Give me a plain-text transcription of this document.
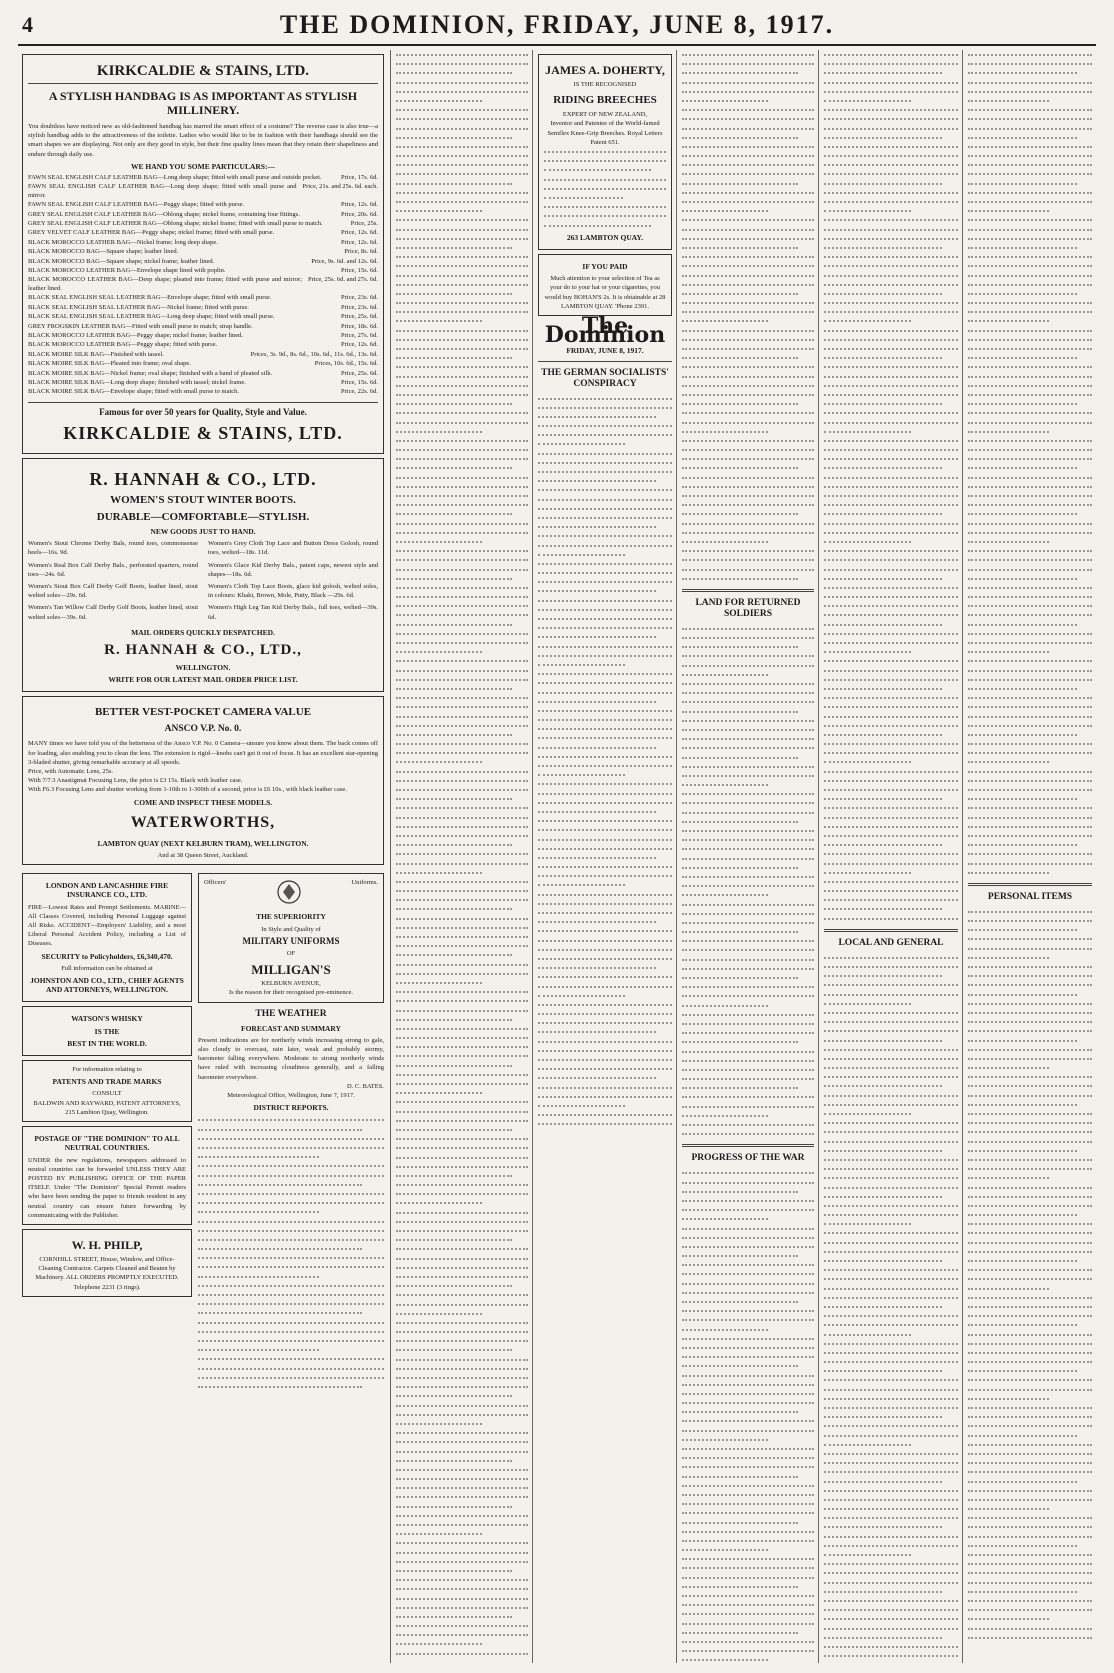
4	THE DOMINION, FRIDAY, JUNE 8, 1917.
KIRKCALDIE & STAINS, LTD.
A STYLISH HANDBAG IS AS IMPORTANT AS STYLISH MILLINERY.
You doubtless have noticed new as old-fashioned handbag has marred the smart effect of a costume? The reverse case is also true—a stylish handbag adds to the attractiveness of the toilette. Ladies who would like to be in fashion with their handbags should see the smart shapes we are displaying. Not only are they good in style, but their fine quality lines mean that they retain their shapeliness and endure through daily use.
WE HAND YOU SOME PARTICULARS:—
FAWN SEAL ENGLISH CALF LEATHER BAG—Long deep shape; fitted with small purse and outside pocket.	Price, 17s. 6d.
FAWN SEAL ENGLISH CALF LEATHER BAG—Long deep shape; fitted with small purse and mirror.
Price, 21s. and 25s. 6d. each.
FAWN SEAL ENGLISH CALF LEATHER BAG—Peggy shape; fitted with purse.	Price, 12s. 6d.
GREY SEAL ENGLISH CALF LEATHER BAG—Oblong shape; nickel frame, containing four fittings.	Price, 20s. 6d.
GREY SEAL ENGLISH CALF LEATHER BAG—Oblong shape; nickel frame; fitted with small purse to match.	Price, 25s.
GREY VELVET CALF LEATHER BAG—Peggy shape; nickel frame; fitted with small purse.	Price, 12s. 6d.
BLACK MOROCCO LEATHER BAG—Nickel frame; long deep shape.	Price, 12s. 6d.
BLACK MOROCCO BAG—Square shape; leather lined.	Price, 8s. 6d.
BLACK MOROCCO BAG—Square shape; nickel frame; leather lined.	Price, 9s. 6d. and 12s. 6d.
BLACK MOROCCO LEATHER BAG—Envelope shape lined with poplin.	Price, 15s. 6d.
BLACK MOROCCO LEATHER BAG—Deep shape; pleated into frame; fitted with purse and mirror; leather lined.
Price, 25s. 6d. and 27s. 6d.
BLACK SEAL ENGLISH SEAL LEATHER BAG—Envelope shape; fitted with small purse.	Price, 23s. 6d.
BLACK SEAL ENGLISH SEAL LEATHER BAG—Nickel frame; fitted with purse.	Price, 23s. 6d.
BLACK SEAL ENGLISH SEAL LEATHER BAG—Long deep shape; fitted with small purse.	Price, 25s. 6d.
GREY FROGSKIN LEATHER BAG—Fitted with small purse to match; strap handle.	Price, 18s. 6d.
BLACK MOROCCO LEATHER BAG—Peggy shape; nickel frame; leather lined.	Price, 27s. 6d.
BLACK MOROCCO LEATHER BAG—Peggy shape; fitted with purse.	Price, 12s. 6d.
BLACK MOIRE SILK BAG—Finished with tassel.	Prices, 3s. 9d., 8s. 6d., 10s. 6d., 11s. 6d., 13s. 6d.
BLACK MOIRE SILK BAG—Pleated into frame; oval shape.	Prices, 10s. 6d., 15s. 6d.
BLACK MOIRE SILK BAG—Nickel frame; oval shape; finished with a band of pleated silk.	Price, 25s. 6d.
BLACK MOIRE SILK BAG—Long deep shape; finished with tassel; nickel frame.	Price, 15s. 6d.
BLACK MOIRE SILK BAG—Envelope shape; fitted with small purse to match.	Price, 22s. 6d.
Famous for over 50 years for Quality, Style and Value.
KIRKCALDIE & STAINS, LTD.
R. HANNAH & CO., LTD.
WOMEN'S STOUT WINTER BOOTS.
DURABLE—COMFORTABLE—STYLISH.
NEW GOODS JUST TO HAND.
Women's Stout Chrome Derby Bals, round toes, commonsense heels—16s. 9d.
Women's Real Box Calf Derby Bals., perforated quarters, round toes—24s. 6d.
Women's Stout Box Calf Derby Golf Boots, leather lined, stout welted soles—29s. 6d.
Women's Tan Willow Calf Derby Golf Boots, leather lined, stout welted soles—39s. 6d.
Women's Grey Cloth Top Lace and Button Dress Golosh, round toes, welted—18s. 11d.
Women's Glace Kid Derby Bals., patent caps, newest style and shapes—18s. 6d.
Women's Cloth Top Lace Boots, glace kid golosh, welted soles, in colours: Khaki, Brown, Mole, Putty, Black —29s. 6d.
Women's High Leg Tan Kid Derby Bals., full toes, welted—39s. 6d.
MAIL ORDERS QUICKLY DESPATCHED.
R. HANNAH & CO., LTD.,
WELLINGTON.
WRITE FOR OUR LATEST MAIL ORDER PRICE LIST.
BETTER VEST-POCKET CAMERA VALUE
ANSCO V.P. No. 0.
MANY times we have told you of the betterness of the Ansco V.P. No. 0 Camera—unsure you know about them. The back comes off for loading, also enabling you to clean the lens. The extension is rigid—knobs can't get it out of focus. It has an excellent star-opening 3-bladed shutter, giving remarkable accuracy at all speeds.
Price, with Automatic Lens, 25s.
With 7/7.3 Anastigmat Focusing Lens, the price is £3 15s. Black with leather case.
With F6.3 Focusing Lens and shutter working from 1-10th to 1-300th of a second, price is £6 10s., with black leather case.
COME AND INSPECT THESE MODELS.
WATERWORTHS,
LAMBTON QUAY (NEXT KELBURN TRAM), WELLINGTON.
And at 38 Queen Street, Auckland.
LONDON AND LANCASHIRE FIRE INSURANCE CO., LTD.
FIRE—Lowest Rates and Prompt Settlements. MARINE—All Classes Covered, including Personal Luggage against All Risks. ACCIDENT—Employers' Liability, and a most Liberal Personal Accident Policy, including a List of Diseases.
SECURITY to Policyholders, £6,340,470.
Full information can be obtained at
JOHNSTON AND CO., LTD., CHIEF AGENTS AND ATTORNEYS, WELLINGTON.
WATSON'S WHISKY
IS THE
BEST IN THE WORLD.
For information relating to
PATENTS AND TRADE MARKS
CONSULT
BALDWIN AND RAYWARD, PATENT ATTORNEYS, 215 Lambton Quay, Wellington.
POSTAGE OF "THE DOMINION" TO ALL NEUTRAL COUNTRIES.
UNDER the new regulations, newspapers addressed to neutral countries can be forwarded UNLESS THEY ARE POSTED BY PUBLISHING OFFICE OF THE PAPER ITSELF. Under "The Dominion" Special Permit readers who have been sending the paper to friends resident in any neutral country can ensure future forwarding by communicating with the Publisher.
W. H. PHILP,
CORNHILL STREET, House, Window, and Office-Cleaning Contractor. Carpets Cleaned and Beaten by Machinery. ALL ORDERS PROMPTLY EXECUTED. Telephone 2231 (3 rings).
Officers'	Uniforms.
THE SUPERIORITY
In Style and Quality of
MILITARY UNIFORMS
OF
MILLIGAN'S
KELBURN AVENUE,
Is the reason for their recognised pre-eminence.
THE WEATHER
FORECAST AND SUMMARY
Present indications are for northerly winds increasing strong to gale, also cloudy to overcast, rain later, weak and probably stormy, barometer falling everywhere. Moderate to strong northerly winds have ruled with increasing cloudiness generally, and a falling barometer everywhere.
D. C. BATES.
Meteorological Office, Wellington, June 7, 1917.
DISTRICT REPORTS.
JAMES A. DOHERTY,
IS THE RECOGNISED
RIDING BREECHES
EXPERT OF NEW ZEALAND,
Inventor and Patentee of the World-famed Semflex Knee-Grip Breeches. Royal Letters Patent 651.
263 LAMBTON QUAY.
IF YOU PAID
Much attention to your selection of Tea as your do to your hat or your cigarettes, you would buy BOHAN'S 2s. It is obtainable at 28 LAMBTON QUAY. 'Phone 2391.
The Dominion
FRIDAY, JUNE 8, 1917.
THE GERMAN SOCIALISTS' CONSPIRACY
LAND FOR RETURNED SOLDIERS
PROGRESS OF THE WAR
LOCAL AND GENERAL
PERSONAL ITEMS
